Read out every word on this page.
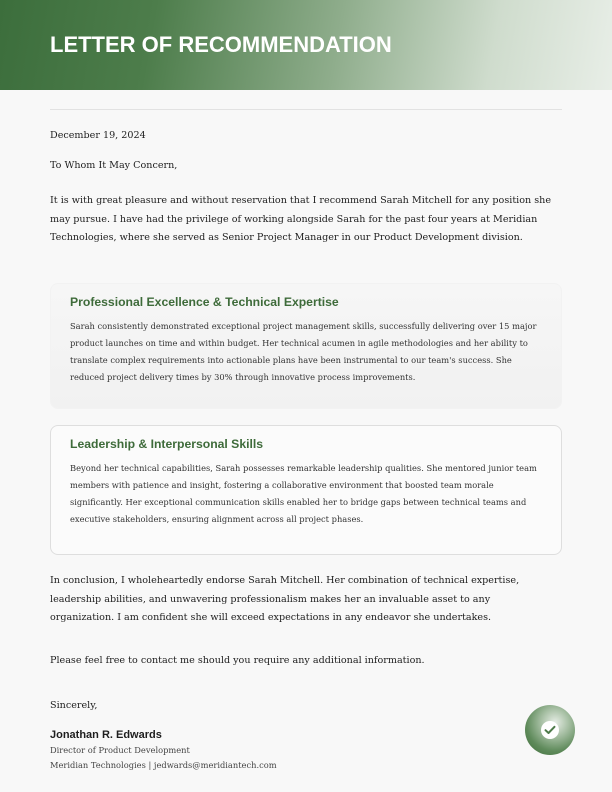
LETTER OF RECOMMENDATION
December 19, 2024
To Whom It May Concern,
It is with great pleasure and without reservation that I recommend Sarah Mitchell for any position she may pursue. I have had the privilege of working alongside Sarah for the past four years at Meridian Technologies, where she served as Senior Project Manager in our Product Development division.
Professional Excellence & Technical Expertise
Sarah consistently demonstrated exceptional project management skills, successfully delivering over 15 major product launches on time and within budget. Her technical acumen in agile methodologies and her ability to translate complex requirements into actionable plans have been instrumental to our team's success. She reduced project delivery times by 30% through innovative process improvements.
Leadership & Interpersonal Skills
Beyond her technical capabilities, Sarah possesses remarkable leadership qualities. She mentored junior team members with patience and insight, fostering a collaborative environment that boosted team morale significantly. Her exceptional communication skills enabled her to bridge gaps between technical teams and executive stakeholders, ensuring alignment across all project phases.
In conclusion, I wholeheartedly endorse Sarah Mitchell. Her combination of technical expertise, leadership abilities, and unwavering professionalism makes her an invaluable asset to any organization. I am confident she will exceed expectations in any endeavor she undertakes.
Please feel free to contact me should you require any additional information.
Sincerely,
Jonathan R. Edwards
Director of Product Development
Meridian Technologies | jedwards@meridiantech.com
